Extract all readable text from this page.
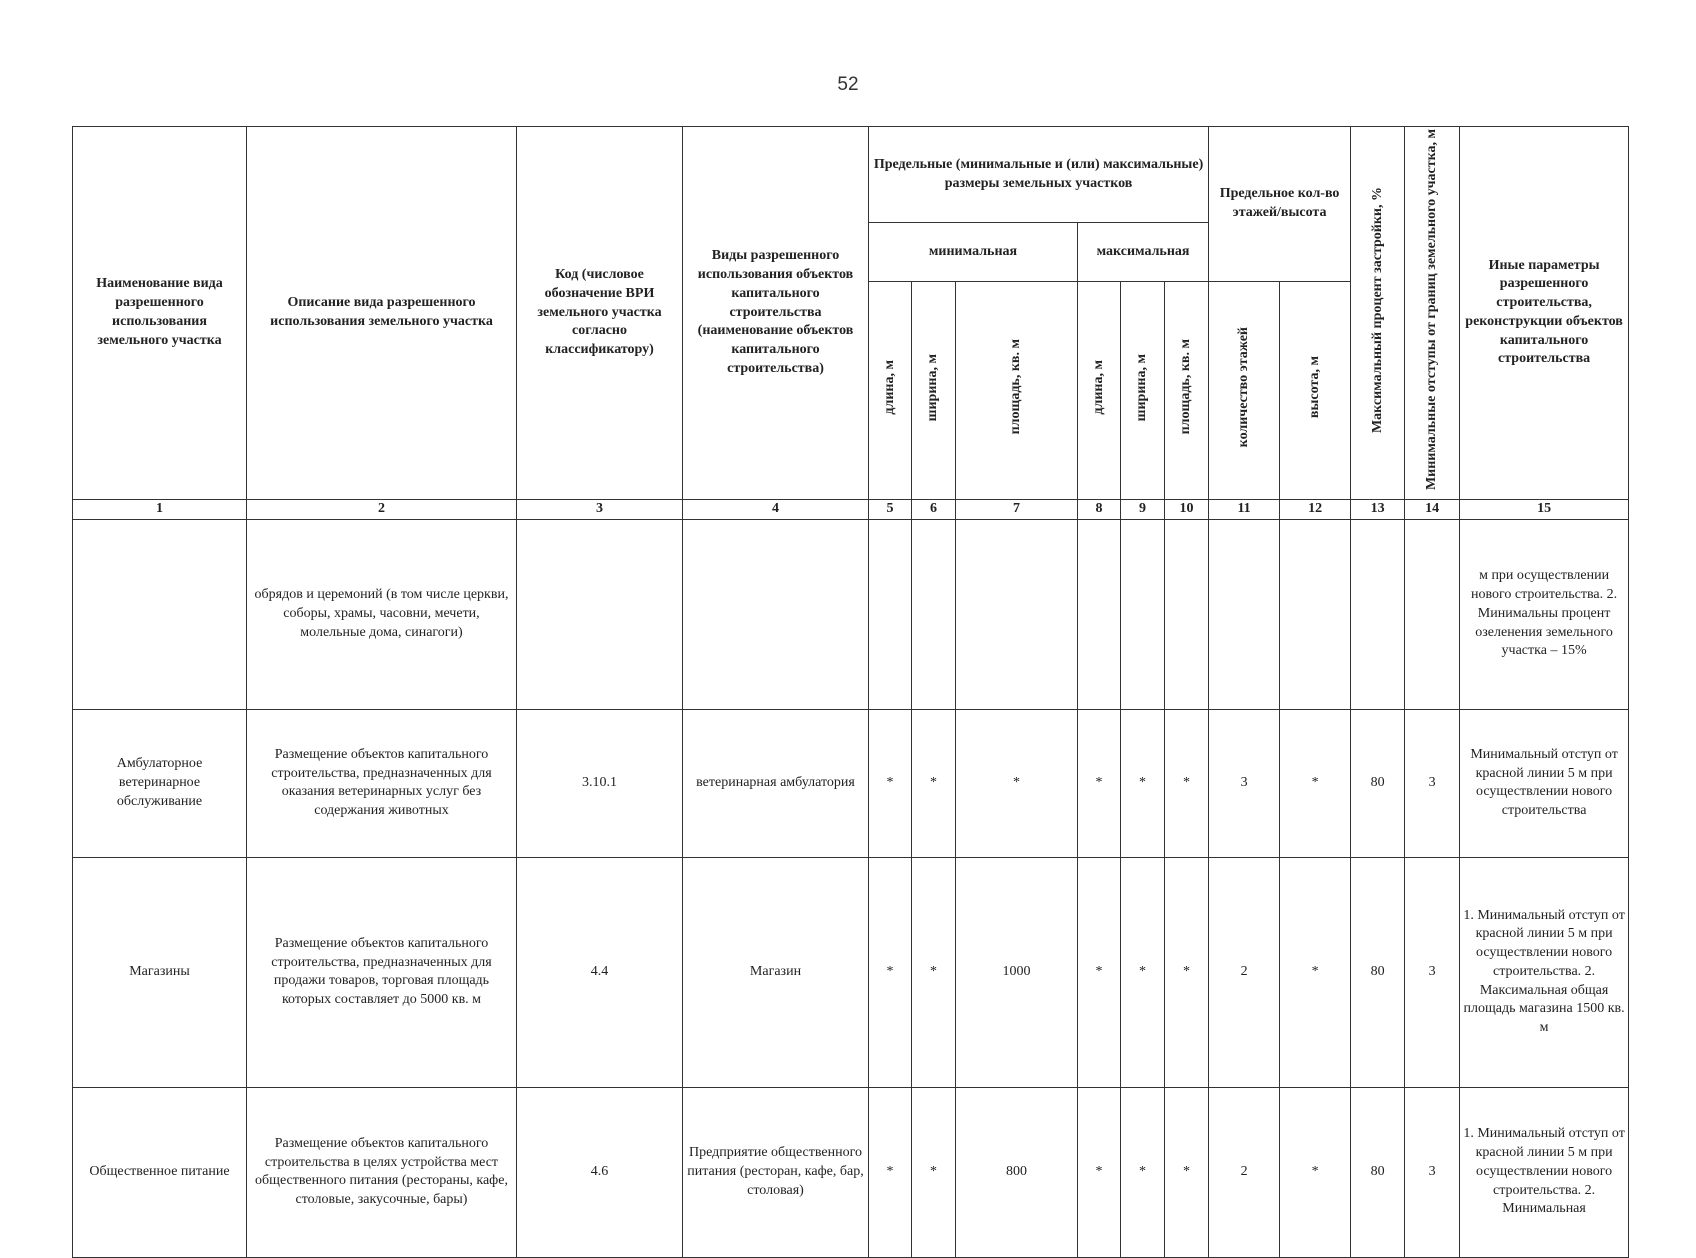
52
Наименование вида разрешенного использования земельного участка	Описание вида разрешенного использования земельного участка	Код (числовое обозначение ВРИ земельного участка согласно классификатору)	Виды разрешенного использования объектов капитального строительства (наименование объектов капитального строительства)	Предельные (минимальные и (или) максимальные) размеры земельных участков						Предельное кол-во этажей/высота		Максимальный процент застройки, %	Минимальные отступы от границ земельного участка, м	Иные параметры разрешенного строительства, реконструкции объектов капитального строительства
				минимальная			максимальная							
				длина, м	ширина, м	площадь, кв. м	длина, м	ширина, м	площадь, кв. м	количество этажей	высота, м			
1	2	3	4	5	6	7	8	9	10	11	12	13	14	15
	обрядов и церемоний (в том числе церкви, соборы, храмы, часовни, мечети, молельные дома, синагоги)													м при осуществлении нового строительства. 2. Минимальны процент озеленения земельного участка – 15%
Амбулаторное ветеринарное обслуживание	Размещение объектов капитального строительства, предназначенных для оказания ветеринарных услуг без содержания животных	3.10.1	ветеринарная амбулатория	*	*	*	*	*	*	3	*	80	3	Минимальный отступ от красной линии 5 м при осуществлении нового строительства
Магазины	Размещение объектов капитального строительства, предназначенных для продажи товаров, торговая площадь которых составляет до 5000 кв. м	4.4	Магазин	*	*	1000	*	*	*	2	*	80	3	1. Минимальный отступ от красной линии 5 м при осуществлении нового строительства. 2. Максимальная общая площадь магазина 1500 кв. м
Общественное питание	Размещение объектов капитального строительства в целях устройства мест общественного питания (рестораны, кафе, столовые, закусочные, бары)	4.6	Предприятие общественного питания (ресторан, кафе, бар, столовая)	*	*	800	*	*	*	2	*	80	3	1. Минимальный отступ от красной линии 5 м при осуществлении нового строительства. 2. Минимальная
